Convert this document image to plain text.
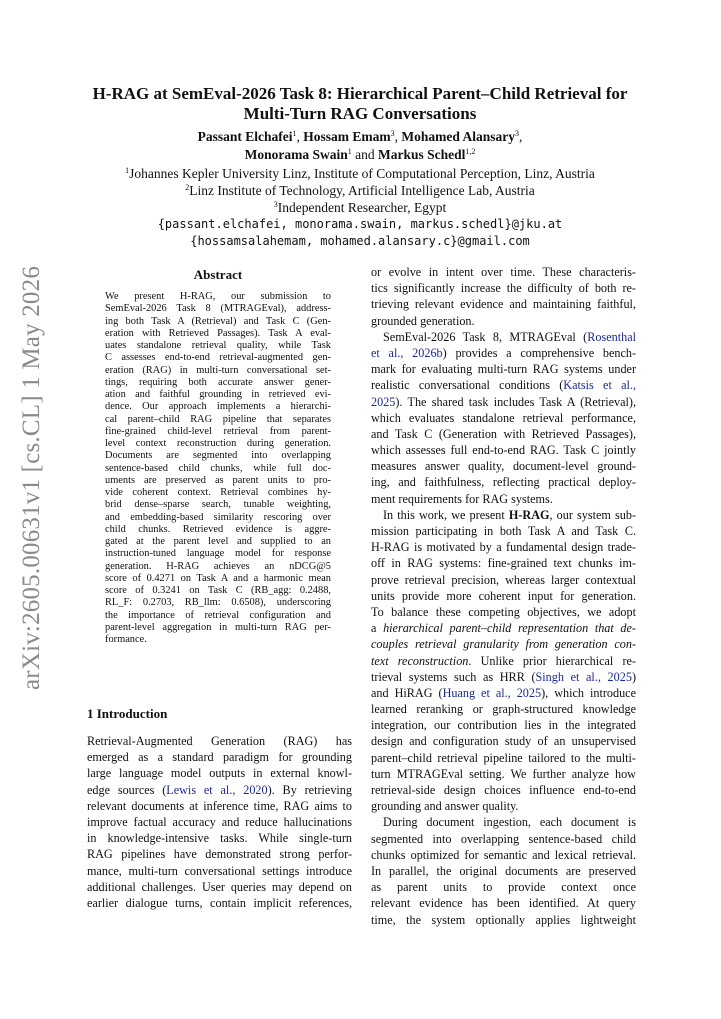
arXiv:2605.00631v1 [cs.CL] 1 May 2026
H-RAG at SemEval-2026 Task 8: Hierarchical Parent–Child Retrieval for
Multi-Turn RAG Conversations
Passant Elchafei$^1$, Hossam Emam$^3$, Mohamed Alansary$^3$,
Monorama Swain$^1$ and Markus Schedl$^{1,2}$
$^1$Johannes Kepler University Linz, Institute of Computational Perception, Linz, Austria
$^2$Linz Institute of Technology, Artificial Intelligence Lab, Austria
$^3$Independent Researcher, Egypt
{passant.elchafei, monorama.swain, markus.schedl}@jku.at
{hossamsalahemam, mohamed.alansary.c}@gmail.com
Abstract
We present H-RAG, our submission to
SemEval-2026 Task 8 (MTRAGEval), address-
ing both Task A (Retrieval) and Task C (Gen-
eration with Retrieved Passages). Task A eval-
uates standalone retrieval quality, while Task
C assesses end-to-end retrieval-augmented gen-
eration (RAG) in multi-turn conversational set-
tings, requiring both accurate answer gener-
ation and faithful grounding in retrieved evi-
dence. Our approach implements a hierarchi-
cal parent–child RAG pipeline that separates
fine-grained child-level retrieval from parent-
level context reconstruction during generation.
Documents are segmented into overlapping
sentence-based child chunks, while full doc-
uments are preserved as parent units to pro-
vide coherent context. Retrieval combines hy-
brid dense–sparse search, tunable weighting,
and embedding-based similarity rescoring over
child chunks. Retrieved evidence is aggre-
gated at the parent level and supplied to an
instruction-tuned language model for response
generation. H-RAG achieves an nDCG@5
score of 0.4271 on Task A and a harmonic mean
score of 0.3241 on Task C (RB_agg: 0.2488,
RL_F: 0.2703, RB_llm: 0.6508), underscoring
the importance of retrieval configuration and
parent-level aggregation in multi-turn RAG per-
formance.
1 Introduction
Retrieval-Augmented Generation (RAG) has
emerged as a standard paradigm for grounding
large language model outputs in external knowl-
edge sources (Lewis et al., 2020). By retrieving
relevant documents at inference time, RAG aims to
improve factual accuracy and reduce hallucinations
in knowledge-intensive tasks. While single-turn
RAG pipelines have demonstrated strong perfor-
mance, multi-turn conversational settings introduce
additional challenges. User queries may depend on
earlier dialogue turns, contain implicit references,
or evolve in intent over time. These characteris-
tics significantly increase the difficulty of both re-
trieving relevant evidence and maintaining faithful,
grounded generation.
SemEval-2026 Task 8, MTRAGEval (Rosenthal
et al., 2026b) provides a comprehensive bench-
mark for evaluating multi-turn RAG systems under
realistic conversational conditions (Katsis et al.,
2025). The shared task includes Task A (Retrieval),
which evaluates standalone retrieval performance,
and Task C (Generation with Retrieved Passages),
which assesses full end-to-end RAG. Task C jointly
measures answer quality, document-level ground-
ing, and faithfulness, reflecting practical deploy-
ment requirements for RAG systems.
In this work, we present H-RAG, our system sub-
mission participating in both Task A and Task C.
H-RAG is motivated by a fundamental design trade-
off in RAG systems: fine-grained text chunks im-
prove retrieval precision, whereas larger contextual
units provide more coherent input for generation.
To balance these competing objectives, we adopt
a hierarchical parent–child representation that de-
couples retrieval granularity from generation con-
text reconstruction. Unlike prior hierarchical re-
trieval systems such as HRR (Singh et al., 2025)
and HiRAG (Huang et al., 2025), which introduce
learned reranking or graph-structured knowledge
integration, our contribution lies in the integrated
design and configuration study of an unsupervised
parent–child retrieval pipeline tailored to the multi-
turn MTRAGEval setting. We further analyze how
retrieval-side design choices influence end-to-end
grounding and answer quality.
During document ingestion, each document is
segmented into overlapping sentence-based child
chunks optimized for semantic and lexical retrieval.
In parallel, the original documents are preserved
as parent units to provide context once
relevant evidence has been identified. At query
time, the system optionally applies lightweight
